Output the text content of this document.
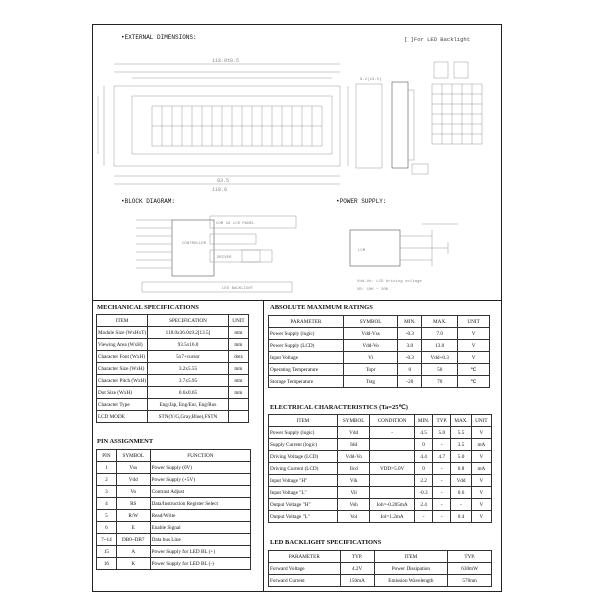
•EXTERNAL DIMENSIONS:	[ ]For LED Backlight
118.0±0.5
93.5
118.0
9.2(13.5)
CONTROLLER
DRIVER
LED BACKLIGHT
COM 16 LCD PANEL
LCM
Vdd-Vo: LCD driving voltage
VR: 10K ~ 20K
•BLOCK DIAGRAM:	•POWER SUPPLY:
MECHANICAL SPECIFICATIONS
ITEM	SPECIFICATION	UNIT
Module Size (WxHxT)	118.0x36.0x9.2[13.5]	mm
Viewing Area (WxH)	93.5x16.0	mm
Character Font (WxH)	5x7+cursor	dots
Character Size (WxH)	3.2x5.55	mm
Character Pitch (WxH)	3.7x5.95	mm
Dot Size (WxH)	0.6x0.65	mm
Character Type	Eng/Jap, Eng/Eur, Eng/Rus	
LCD MODE	STN(Y/G,Gray,Blue),FSTN	
PIN ASSIGNMENT
PIN	SYMBOL	FUNCTION
1	Vss	Power Supply (0V)
2	Vdd	Power Supply (+5V)
3	Vo	Contrast Adjust
4	RS	Data/Instruction Register Select
5	R/W	Read/Write
6	E	Enable Signal
7~14	DB0~DB7	Data bus Line
15	A	Power Supply for LED BL (+)
16	K	Power Supply for LED BL (-)
ABSOLUTE MAXIMUM RATINGS
PARAMETER	SYMBOL	MIN.	MAX.	UNIT
Power Supply (logic)	Vdd-Vss	-0.3	7.0	V
Power Supply (LCD)	Vdd-Vo	3.0	13.0	V
Input Voltage	Vi	-0.3	Vdd+0.3	V
Operating Temperature	Topr	0	50	℃
Storage Temperature	Tstg	-20	70	℃
ELECTRICAL CHARACTERISTICS (Ta=25℃)
ITEM	SYMBOL	CONDITION	MIN.	TYP.	MAX.	UNIT
Power Supply (logic)	Vdd	-	4.5	5.0	5.5	V
Supply Current (logic)	Idd		0	-	3.5	mA
Driving Voltage (LCD)	Vdd-Vo		4.4	4.7	5.0	V
Driving Current (LCD)	Ilcd	VDD=5.0V	0	-	0.8	mA
Input Voltage "H"	Vih		2.2	-	Vdd	V
Input Voltage "L"	Vil		-0.3	-	0.6	V
Output Voltage "H"	Voh	Ioh=-0.205mA	2.4	-	-	V
Output Voltage "L"	Vol	Iol=1.2mA	-	-	0.4	V
LED BACKLIGHT SPECIFICATIONS
PARAMETER	TYP.	ITEM	TYP.
Forward Voltage	4.2V	Power Dissipation	630mW
Forward Current	150mA	Emission Wavelength	570nm
